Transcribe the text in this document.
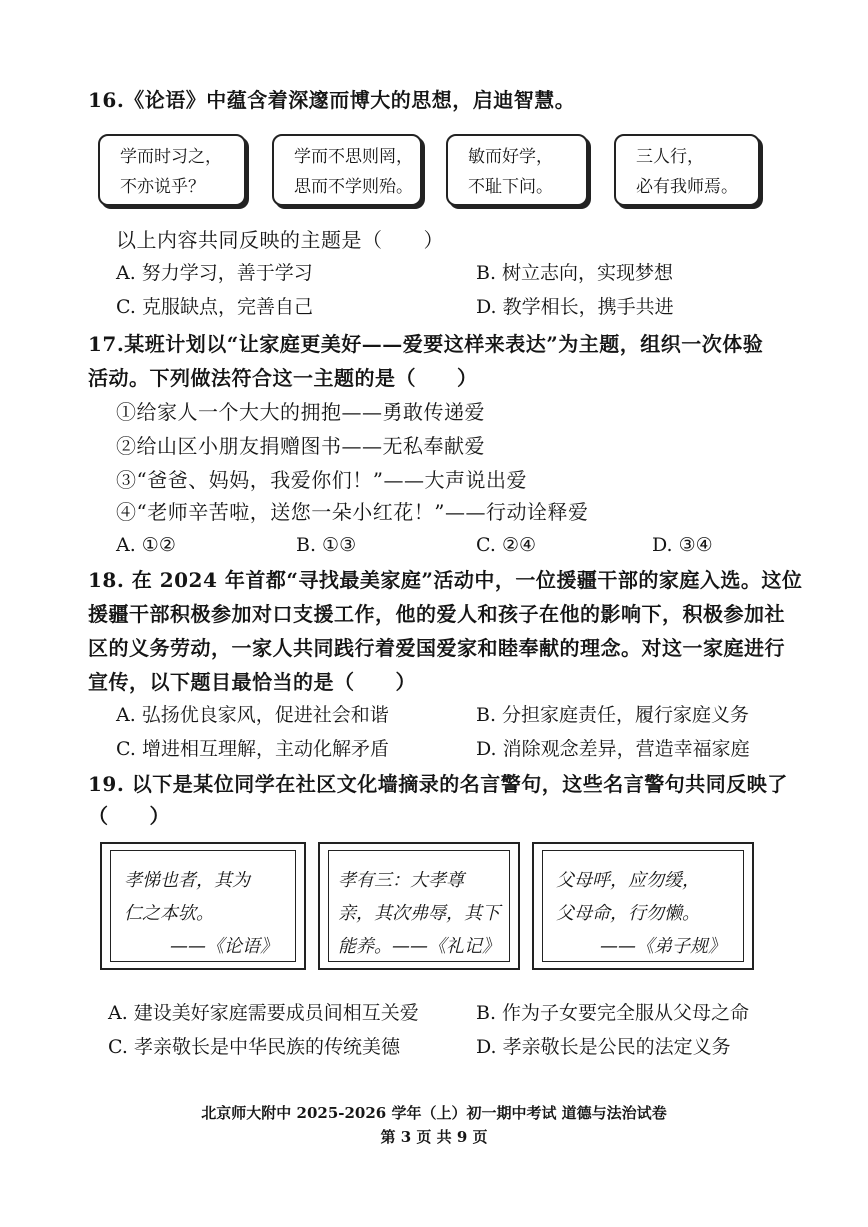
16.《论语》中蕴含着深邃而博大的思想，启迪智慧。
学而时习之，
不亦说乎？
学而不思则罔，
思而不学则殆。
敏而好学，
不耻下问。
三人行，
必有我师焉。
以上内容共同反映的主题是（　　）
A. 努力学习，善于学习	B. 树立志向，实现梦想
C. 克服缺点，完善自己	D. 教学相长，携手共进
17.某班计划以“让家庭更美好——爱要这样来表达”为主题，组织一次体验
活动。下列做法符合这一主题的是（　　）
①给家人一个大大的拥抱——勇敢传递爱
②给山区小朋友捐赠图书——无私奉献爱
③“爸爸、妈妈，我爱你们！”——大声说出爱
④“老师辛苦啦，送您一朵小红花！”——行动诠释爱
A. ①②	B. ①③	C. ②④	D. ③④
18. 在 2024 年首都“寻找最美家庭”活动中，一位援疆干部的家庭入选。这位
援疆干部积极参加对口支援工作，他的爱人和孩子在他的影响下，积极参加社
区的义务劳动，一家人共同践行着爱国爱家和睦奉献的理念。对这一家庭进行
宣传，以下题目最恰当的是（　　）
A. 弘扬优良家风，促进社会和谐	B. 分担家庭责任，履行家庭义务
C. 增进相互理解，主动化解矛盾	D. 消除观念差异，营造幸福家庭
19. 以下是某位同学在社区文化墙摘录的名言警句，这些名言警句共同反映了
（　　）
孝悌也者，其为
仁之本欤。
——《论语》
孝有三：大孝尊
亲，其次弗辱，其下
能养。——《礼记》
父母呼，应勿缓，
父母命，行勿懒。
——《弟子规》
A. 建设美好家庭需要成员间相互关爱	B. 作为子女要完全服从父母之命
C. 孝亲敬长是中华民族的传统美德	D. 孝亲敬长是公民的法定义务
北京师大附中 2025-2026 学年（上）初一期中考试 道德与法治试卷
第 3 页 共 9 页
